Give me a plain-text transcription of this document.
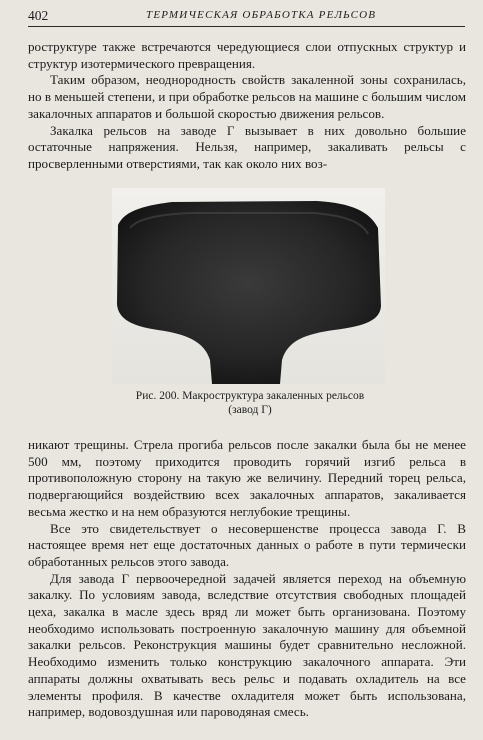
402	ТЕРМИЧЕСКАЯ ОБРАБОТКА РЕЛЬСОВ

роструктуре также встречаются чередующиеся слои отпускных структур и структур изотермического превращения.

Таким образом, неоднородность свойств закаленной зоны сохранилась, но в меньшей степени, и при обработке рельсов на машине с большим числом закалочных аппаратов и большой скоростью движения рельсов.

Закалка рельсов на заводе Г вызывает в них довольно большие остаточные напряжения. Нельзя, например, закаливать рельсы с просверленными отверстиями, так как около них воз-

Рис. 200. Макроструктура закаленных рельсов
(завод Г)

никают трещины. Стрела прогиба рельсов после закалки была бы не менее 500 мм, поэтому приходится проводить горячий изгиб рельса в противоположную сторону на такую же величину. Передний торец рельса, подвергающийся воздействию всех закалочных аппаратов, закаливается весьма жестко и на нем образуются неглубокие трещины.

Все это свидетельствует о несовершенстве процесса завода Г. В настоящее время нет еще достаточных данных о работе в пути термически обработанных рельсов этого завода.

Для завода Г первоочередной задачей является переход на объемную закалку. По условиям завода, вследствие отсутствия свободных площадей цеха, закалка в масле здесь вряд ли может быть организована. Поэтому необходимо использовать построенную закалочную машину для объемной закалки рельсов. Реконструкция машины будет сравнительно несложной. Необходимо изменить только конструкцию закалочного аппарата. Эти аппараты должны охватывать весь рельс и подавать охладитель на все элементы профиля. В качестве охладителя может быть использована, например, водовоздушная или пароводяная смесь.
